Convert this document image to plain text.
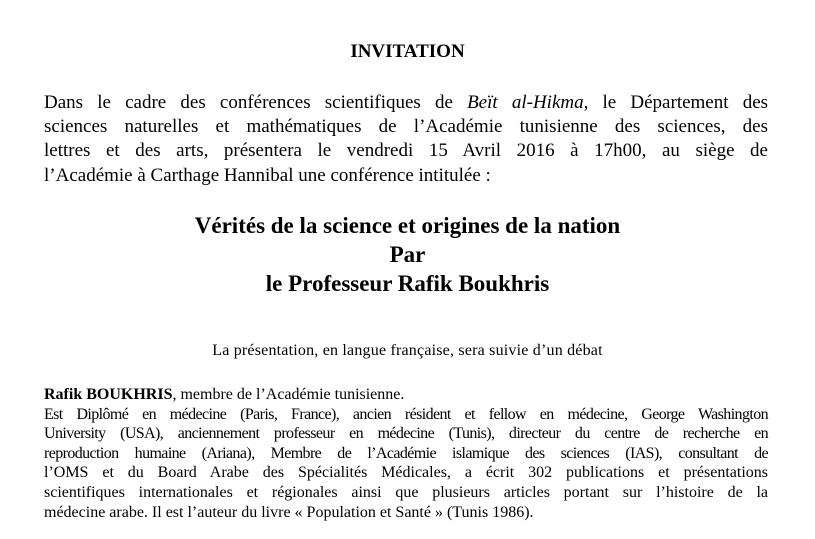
INVITATION
Dans le cadre des conférences scientifiques de Beït al-Hikma, le Département des
sciences naturelles et mathématiques de l’Académie tunisienne des sciences, des
lettres et des arts, présentera le vendredi 15 Avril 2016 à 17h00, au siège de
l’Académie à Carthage Hannibal une conférence intitulée :
Vérités de la science et origines de la nation
Par
le Professeur Rafik Boukhris
La présentation, en langue française, sera suivie d’un débat
Rafik BOUKHRIS, membre de l’Académie tunisienne.
Est Diplômé en médecine (Paris, France), ancien résident et fellow en médecine, George Washington
University (USA), anciennement professeur en médecine (Tunis), directeur du centre de recherche en
reproduction humaine (Ariana), Membre de l’Académie islamique des sciences (IAS), consultant de
l’OMS et du Board Arabe des Spécialités Médicales, a écrit 302 publications et présentations
scientifiques internationales et régionales ainsi que plusieurs articles portant sur l’histoire de la
médecine arabe. Il est l’auteur du livre « Population et Santé » (Tunis 1986).
